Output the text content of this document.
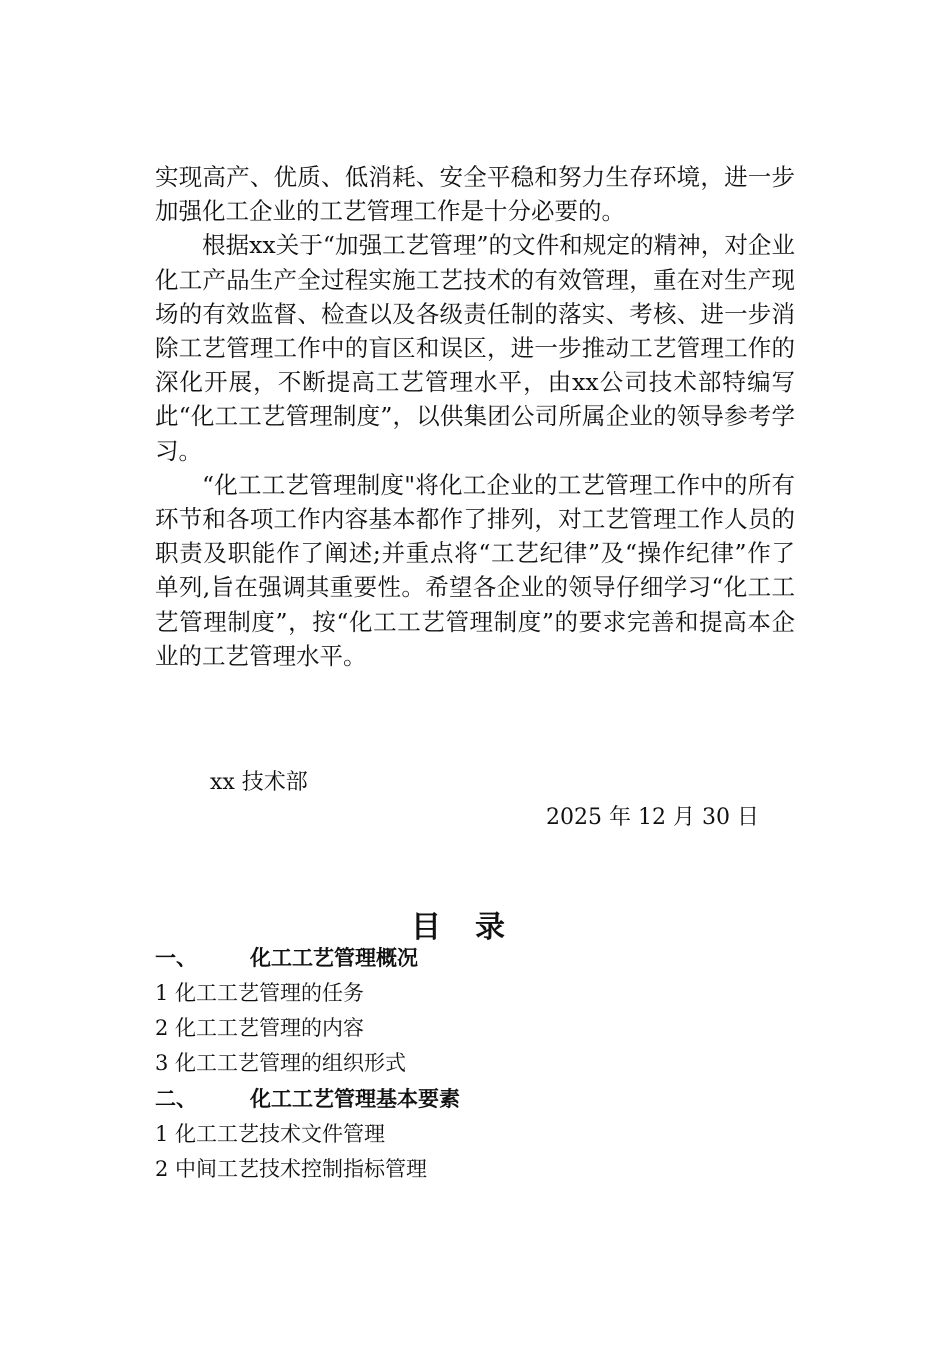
实现高产、优质、低消耗、安全平稳和努力生存环境，进一步加强化工企业的工艺管理工作是十分必要的。

根据xx关于“加强工艺管理”的文件和规定的精神，对企业化工产品生产全过程实施工艺技术的有效管理，重在对生产现场的有效监督、检查以及各级责任制的落实、考核、进一步消除工艺管理工作中的盲区和误区，进一步推动工艺管理工作的深化开展，不断提高工艺管理水平，由xx公司技术部特编写此“化工工艺管理制度”，以供集团公司所属企业的领导参考学习。

“化工工艺管理制度"将化工企业的工艺管理工作中的所有环节和各项工作内容基本都作了排列，对工艺管理工作人员的职责及职能作了阐述;并重点将“工艺纪律”及“操作纪律”作了单列,旨在强调其重要性。希望各企业的领导仔细学习“化工工艺管理制度”，按“化工工艺管理制度”的要求完善和提高本企业的工艺管理水平。

xx 技术部
2025 年 12 月 30 日
目录
一、	化工工艺管理概况
1 化工工艺管理的任务
2 化工工艺管理的内容
3 化工工艺管理的组织形式
二、	化工工艺管理基本要素
1 化工工艺技术文件管理
2 中间工艺技术控制指标管理
